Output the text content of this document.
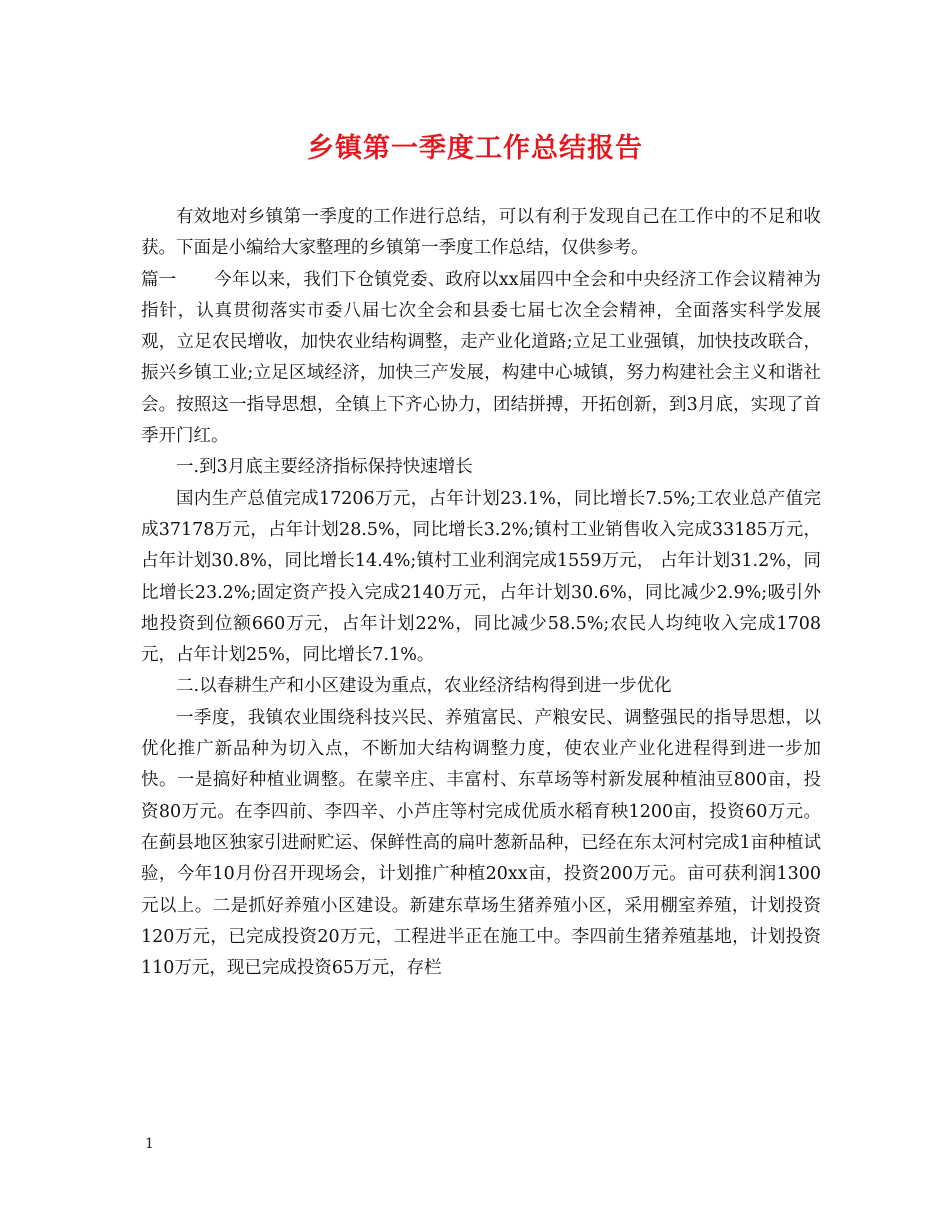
乡镇第一季度工作总结报告

有效地对乡镇第一季度的工作进行总结，可以有利于发现自己在工作中的不足和收获。下面是小编给大家整理的乡镇第一季度工作总结，仅供参考。

篇一 今年以来，我们下仓镇党委、政府以xx届四中全会和中央经济工作会议精神为指针，认真贯彻落实市委八届七次全会和县委七届七次全会精神，全面落实科学发展观，立足农民增收，加快农业结构调整，走产业化道路;立足工业强镇，加快技改联合，振兴乡镇工业;立足区域经济，加快三产发展，构建中心城镇，努力构建社会主义和谐社会。按照这一指导思想，全镇上下齐心协力，团结拼搏，开拓创新，到3月底，实现了首季开门红。

一.到3月底主要经济指标保持快速增长

国内生产总值完成17206万元，占年计划23.1%，同比增长7.5%;工农业总产值完成37178万元，占年计划28.5%，同比增长3.2%;镇村工业销售收入完成33185万元， 占年计划30.8%，同比增长14.4%;镇村工业利润完成1559万元， 占年计划31.2%，同比增长23.2%;固定资产投入完成2140万元，占年计划30.6%，同比减少2.9%;吸引外地投资到位额660万元，占年计划22%，同比减少58.5%;农民人均纯收入完成1708元，占年计划25%，同比增长7.1%。

二.以春耕生产和小区建设为重点，农业经济结构得到进一步优化

一季度，我镇农业围绕科技兴民、养殖富民、产粮安民、调整强民的指导思想，以优化推广新品种为切入点，不断加大结构调整力度，使农业产业化进程得到进一步加快。一是搞好种植业调整。在蒙辛庄、丰富村、东草场等村新发展种植油豆800亩，投资80万元。在李四前、李四辛、小芦庄等村完成优质水稻育秧1200亩，投资60万元。在蓟县地区独家引进耐贮运、保鲜性高的扁叶葱新品种，已经在东太河村完成1亩种植试验，今年10月份召开现场会，计划推广种植20xx亩，投资200万元。亩可获利润1300元以上。二是抓好养殖小区建设。新建东草场生猪养殖小区，采用棚室养殖，计划投资120万元，已完成投资20万元，工程进半正在施工中。李四前生猪养殖基地，计划投资110万元，现已完成投资65万元，存栏

1
